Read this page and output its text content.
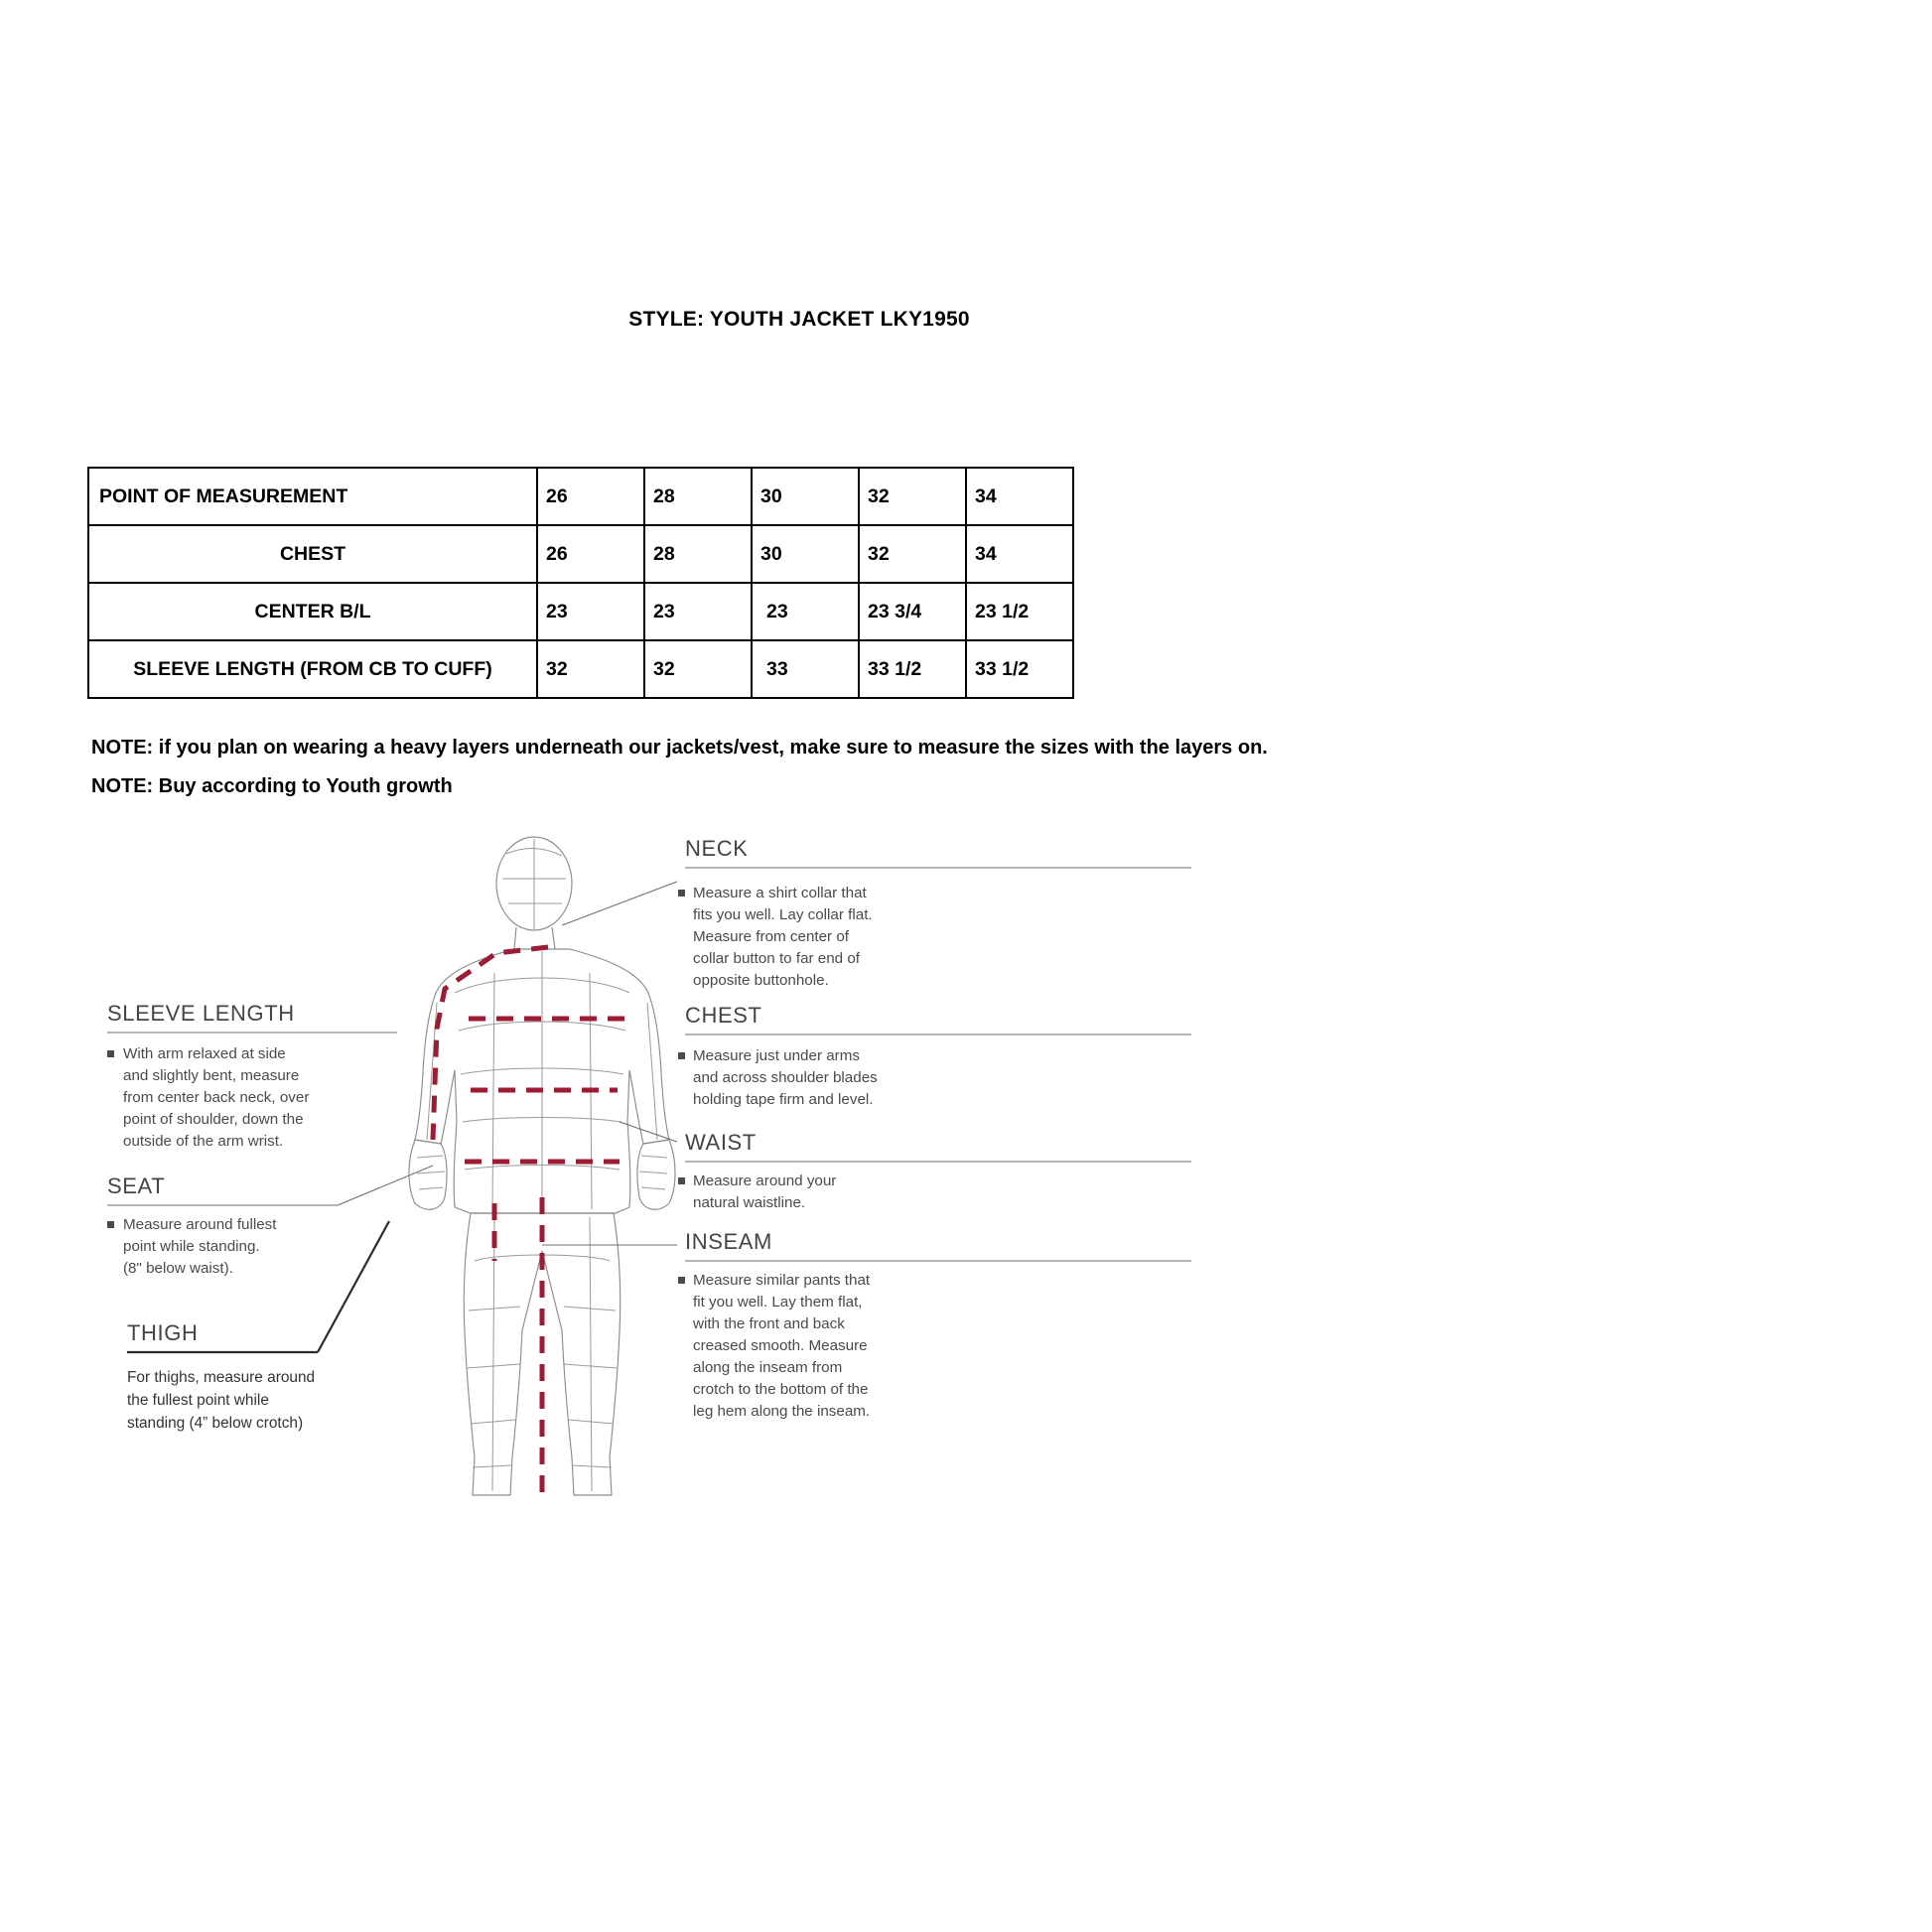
STYLE: YOUTH JACKET LKY1950
POINT OF MEASUREMENT	26	28	30	32	34
CHEST	26	28	30	32	34
CENTER B/L	23	23	23	23 3/4	23 1/2
SLEEVE LENGTH (FROM CB TO CUFF)	32	32	33	33 1/2	33 1/2
NOTE: if you plan on wearing a heavy layers underneath our jackets/vest, make sure to measure the sizes with the layers on.
NOTE: Buy according to Youth growth
NECK
Measure a shirt collar that
fits you well. Lay collar flat.
Measure from center of
collar button to far end of
opposite buttonhole.
CHEST
Measure just under arms
and across shoulder blades
holding tape firm and level.
WAIST
Measure around your
natural waistline.
INSEAM
Measure similar pants that
fit you well. Lay them flat,
with the front and back
creased smooth. Measure
along the inseam from
crotch to the bottom of the
leg hem along the inseam.
SLEEVE LENGTH
With arm relaxed at side
and slightly bent, measure
from center back neck, over
point of shoulder, down the
outside of the arm wrist.
SEAT
Measure around fullest
point while standing.
(8" below waist).
THIGH
For thighs, measure around
the fullest point while
standing (4” below crotch)
